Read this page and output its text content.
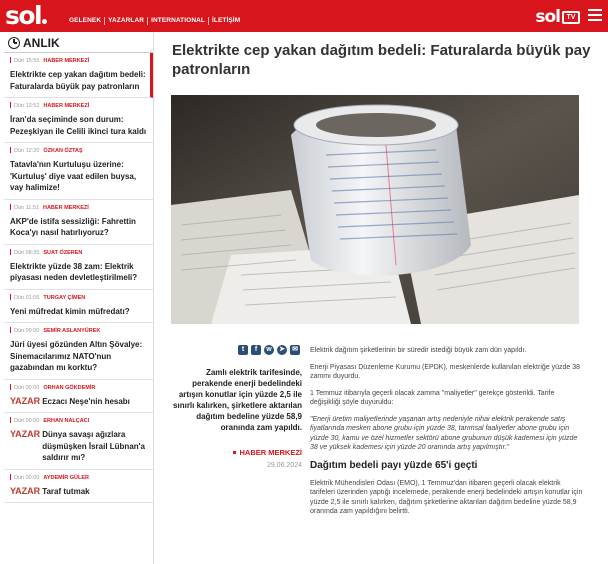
sol	GELENEK	YAZARLAR	INTERNATIONAL	İLETİŞİM	sol TV
ANLIK
Dün 15:55 HABER MERKEZİ
Elektrikte cep yakan dağıtım bedeli: Faturalarda büyük pay patronların
Dün 13:52 HABER MERKEZİ
İran'da seçiminde son durum: Pezeşkiyan ile Celili ikinci tura kaldı
Dün 12:20 ÖZKAN ÖZTAŞ
Tatavla'nın Kurtuluşu üzerine: 'Kurtuluş' diye vaat edilen buysa, vay halimize!
Dün 11:51 HABER MERKEZİ
AKP'de istifa sessizliği: Fahrettin Koca'yı nasıl hatırlıyoruz?
Dün 08:35 SUAT ÖZEREN
Elektrikte yüzde 38 zam: Elektrik piyasası neden devletleştirilmeli?
Dün 01:06 TURGAY ÇİMEN
Yeni müfredat kimin müfredatı?
Dün 00:00 SEMİR ASLANYÜREK
Jüri üyesi gözünden Altın Şövalye: Sinemacılarımız NATO'nun gazabından mı korktu?
Dün 00:00 ORHAN GÖKDEMİR
YAZAR Eczacı Neşe'nin hesabı
Dün 00:00 ERHAN NALÇACI
YAZAR Dünya savaşı ağızlara düşmüşken İsrail Lübnan'a saldırır mı?
Dün 00:00 AYDEMİR GÜLER
YAZAR Taraf tutmak
Elektrikte cep yakan dağıtım bedeli: Faturalarda büyük pay patronların
t	f	w	➤ ✉
Zamlı elektrik tarifesinde, perakende enerji bedelindeki artışın konutlar için yüzde 2,5 ile sınırlı kalırken, şirketlere aktarılan dağıtım bedeline yüzde 58,9 oranında zam yapıldı.
HABER MERKEZİ
29.06.2024

Elektrik dağıtım şirketlerinin bir süredir istediği büyük zam dün yapıldı.

Enerji Piyasası Düzenleme Kurumu (EPDK), meskenlerde kullanılan elektriğe yüzde 38 zammı duyurdu.

1 Temmuz itibarıyla geçerli olacak zamma "maliyetler" gerekçe gösterildi. Tarife değişikliği şöyle duyuruldu:

"Enerji üretim maliyetlerinde yaşanan artış nedeniyle nihai elektrik perakende satış fiyatlarında mesken abone grubu için yüzde 38, tarımsal faaliyetler abone grubu için yüzde 30, kamu ve özel hizmetler sektörü abone grubunun düşük kademesi için yüzde 38 ve yüksek kademesi için yüzde 20 oranında artış yapılmıştır."

Dağıtım bedeli payı yüzde 65'i geçti

Elektrik Mühendisleri Odası (EMO), 1 Temmuz'dan itibaren geçerli olacak elektrik tarifeleri üzerinden yaptığı incelemede, perakende enerji bedelindeki artışın konutlar için yüzde 2,5 ile sınırlı kalırken, dağıtım şirketlerine aktarılan dağıtım bedeline yüzde 58,9 oranında zam yapıldığını belirtti.
